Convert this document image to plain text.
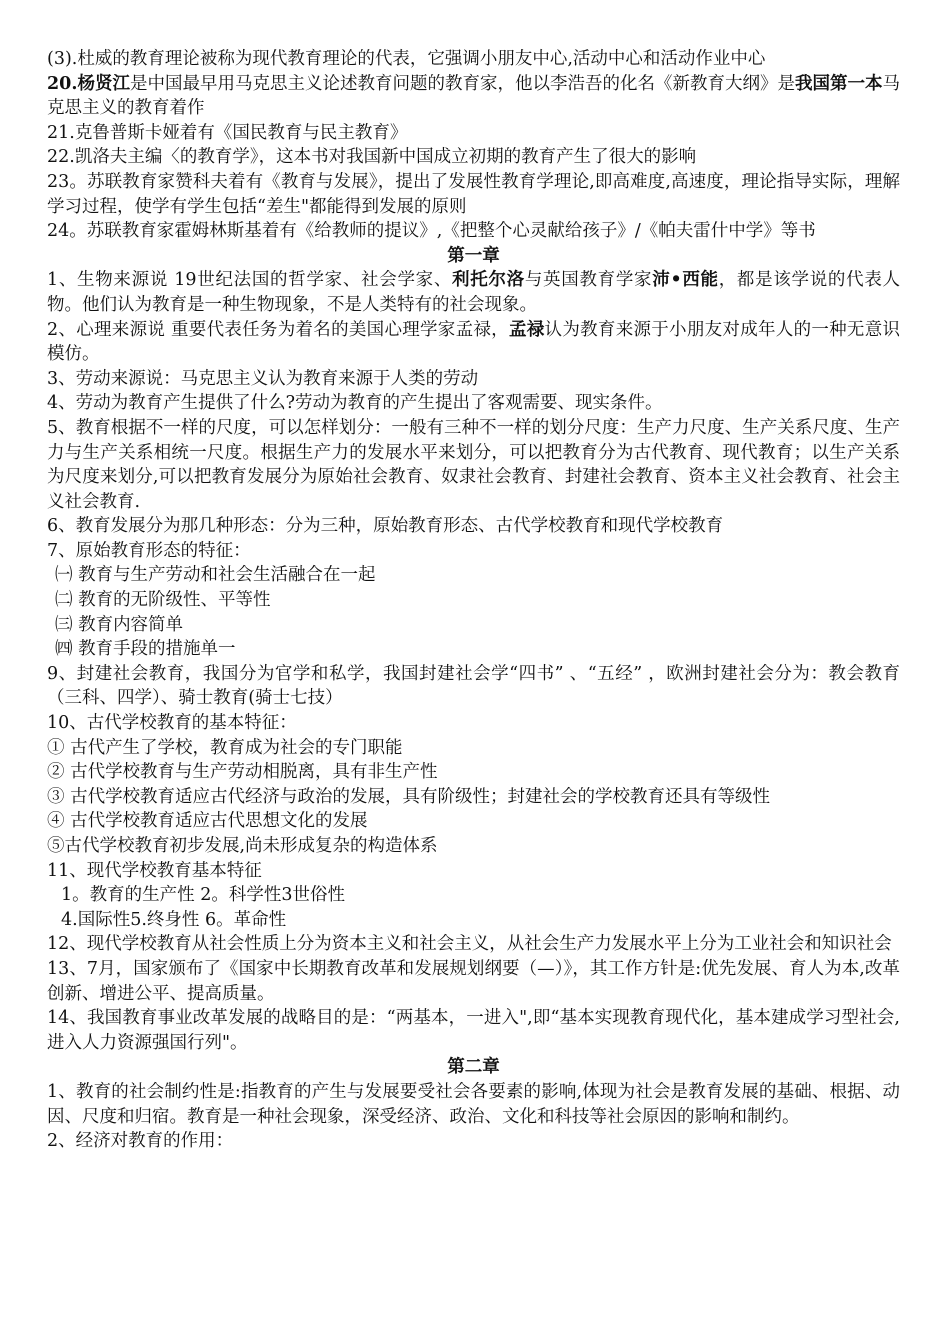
(3).杜威的教育理论被称为现代教育理论的代表，它强调小朋友中心,活动中心和活动作业中心

20.杨贤江是中国最早用马克思主义论述教育问题的教育家，他以李浩吾的化名《新教育大纲》是我国第一本马克思主义的教育着作

21.克鲁普斯卡娅着有《国民教育与民主教育》

22.凯洛夫主编〈的教育学》，这本书对我国新中国成立初期的教育产生了很大的影响

23。苏联教育家赞科夫着有《教育与发展》，提出了发展性教育学理论,即高难度,高速度，理论指导实际，理解学习过程，使学有学生包括“差生"都能得到发展的原则

24。苏联教育家霍姆林斯基着有《给教师的提议》,《把整个心灵献给孩子》/《帕夫雷什中学》等书

第一章

1、生物来源说 19世纪法国的哲学家、社会学家、利托尔洛与英国教育学家沛•西能，都是该学说的代表人物。他们认为教育是一种生物现象，不是人类特有的社会现象。

2、心理来源说 重要代表任务为着名的美国心理学家孟禄，孟禄认为教育来源于小朋友对成年人的一种无意识模仿。

3、劳动来源说：马克思主义认为教育来源于人类的劳动

4、劳动为教育产生提供了什么?劳动为教育的产生提出了客观需要、现实条件。

5、教育根据不一样的尺度，可以怎样划分：一般有三种不一样的划分尺度：生产力尺度、生产关系尺度、生产力与生产关系相统一尺度。根据生产力的发展水平来划分，可以把教育分为古代教育、现代教育；以生产关系为尺度来划分,可以把教育发展分为原始社会教育、奴隶社会教育、封建社会教育、资本主义社会教育、社会主义社会教育.

6、教育发展分为那几种形态：分为三种，原始教育形态、古代学校教育和现代学校教育

7、原始教育形态的特征：

㈠ 教育与生产劳动和社会生活融合在一起

㈡ 教育的无阶级性、平等性

㈢ 教育内容简单

㈣ 教育手段的措施单一

9、封建社会教育，我国分为官学和私学，我国封建社会学“四书” 、“五经” ，欧洲封建社会分为：教会教育（三科、四学）、骑士教育(骑士七技）

10、古代学校教育的基本特征：

① 古代产生了学校，教育成为社会的专门职能

② 古代学校教育与生产劳动相脱离，具有非生产性

③ 古代学校教育适应古代经济与政治的发展，具有阶级性；封建社会的学校教育还具有等级性

④ 古代学校教育适应古代思想文化的发展

⑤古代学校教育初步发展,尚未形成复杂的构造体系

11、现代学校教育基本特征

1。教育的生产性 2。科学性3世俗性

4.国际性5.终身性 6。革命性

12、现代学校教育从社会性质上分为资本主义和社会主义，从社会生产力发展水平上分为工业社会和知识社会

13、7月，国家颁布了《国家中长期教育改革和发展规划纲要（—）》，其工作方针是:优先发展、育人为本,改革创新、增进公平、提高质量。

14、我国教育事业改革发展的战略目的是：“两基本，一进入",即“基本实现教育现代化，基本建成学习型社会,进入人力资源强国行列"。

第二章

1、教育的社会制约性是:指教育的产生与发展要受社会各要素的影响,体现为社会是教育发展的基础、根据、动因、尺度和归宿。教育是一种社会现象，深受经济、政治、文化和科技等社会原因的影响和制约。

2、经济对教育的作用：
